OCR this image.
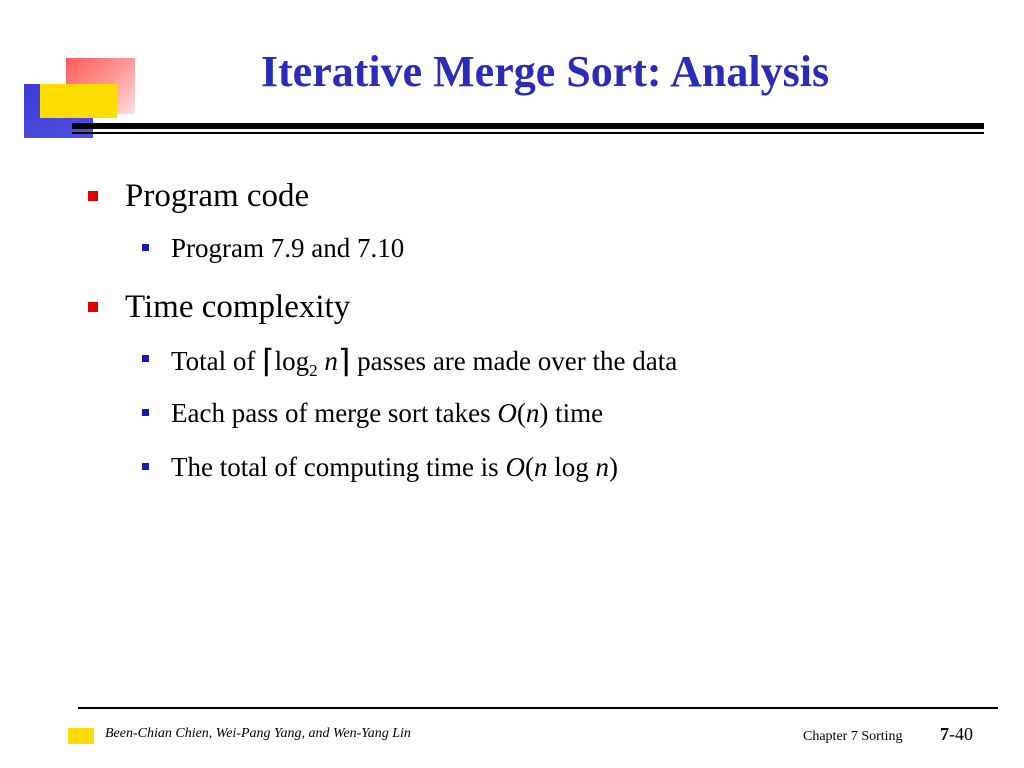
Iterative Merge Sort: Analysis
Program code
Program 7.9 and 7.10
Time complexity
Total of $⌈\log_2$ n⌉ passes are made over the data
Each pass of merge sort takes O(n) time
The total of computing time is O(n log n)
Been-Chian Chien, Wei-Pang Yang, and Wen-Yang Lin	Chapter 7 Sorting 7-40
